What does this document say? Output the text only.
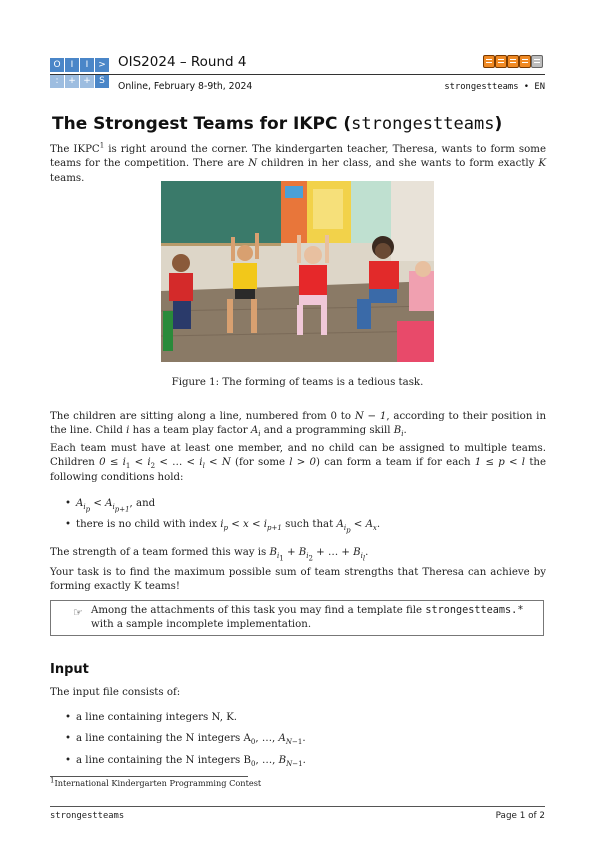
O	I	I	>
:	+ + S
OIS2024 – Round 4
Online, February 8-9th, 2024	strongestteams • EN
The Strongest Teams for IKPC (strongestteams)
The IKPC$^1$ is right around the corner. The kindergarten teacher, Theresa, wants to form some teams for the competition. There are N children in her class, and she wants to form exactly K teams.
Figure 1: The forming of teams is a tedious task.
The children are sitting along a line, numbered from 0 to N − 1, according to their position in the line. Child i has a team play factor $A_i$ and a programming skill $B_i$.
Each team must have at least one member, and no child can be assigned to multiple teams. Children $0 \le i_1 < i_2$ < … < $i_l < N$ (for some l > 0) can form a team if for each 1 ≤ p < l the following conditions hold:
• $A_{i_p} < A_{i_{p+1}}$, and
• there is no child with index $i_p < x < i_{p+1}$ such that $A_{i_p} < A_x$.
The strength of a team formed this way is $B_{i_1} + B_{i_2}$ + … + $B_{i_l}$.
Your task is to find the maximum possible sum of team strengths that Theresa can achieve by forming exactly K teams!
☞ Among the attachments of this task you may find a template file strongestteams.* with a sample incomplete implementation.
Input
The input file consists of:
• a line containing integers N, K.
• a line containing the N integers $A_0$, …, $A_{N-1}$.
• a line containing the N integers $B_0$, …, $B_{N-1}$.
$^1$International Kindergarten Programming Contest
strongestteams	Page 1 of 2
